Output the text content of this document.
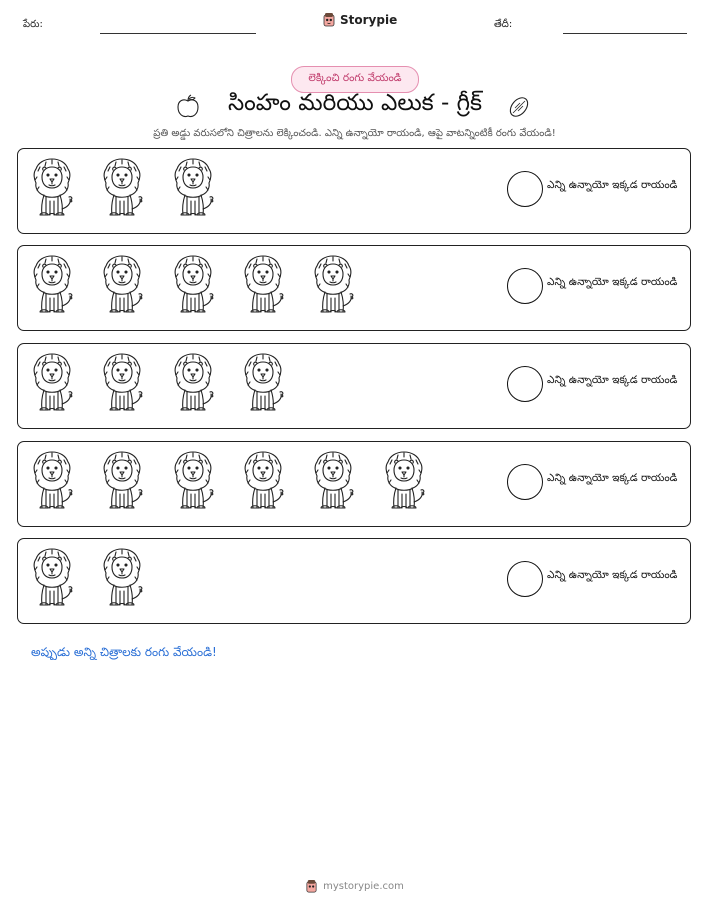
పేరు:	Storypie	తేదీ:
లెక్కించి రంగు వేయండి
సింహం మరియు ఎలుక - గ్రీక్
ప్రతి అడ్డు వరుసలోని చిత్రాలను లెక్కించండి. ఎన్ని ఉన్నాయో రాయండి, ఆపై వాటన్నింటికీ రంగు వేయండి!
ఎన్ని ఉన్నాయో ఇక్కడ రాయండి
ఎన్ని ఉన్నాయో ఇక్కడ రాయండి
ఎన్ని ఉన్నాయో ఇక్కడ రాయండి
ఎన్ని ఉన్నాయో ఇక్కడ రాయండి
ఎన్ని ఉన్నాయో ఇక్కడ రాయండి
అప్పుడు అన్ని చిత్రాలకు రంగు వేయండి!
mystorypie.com
